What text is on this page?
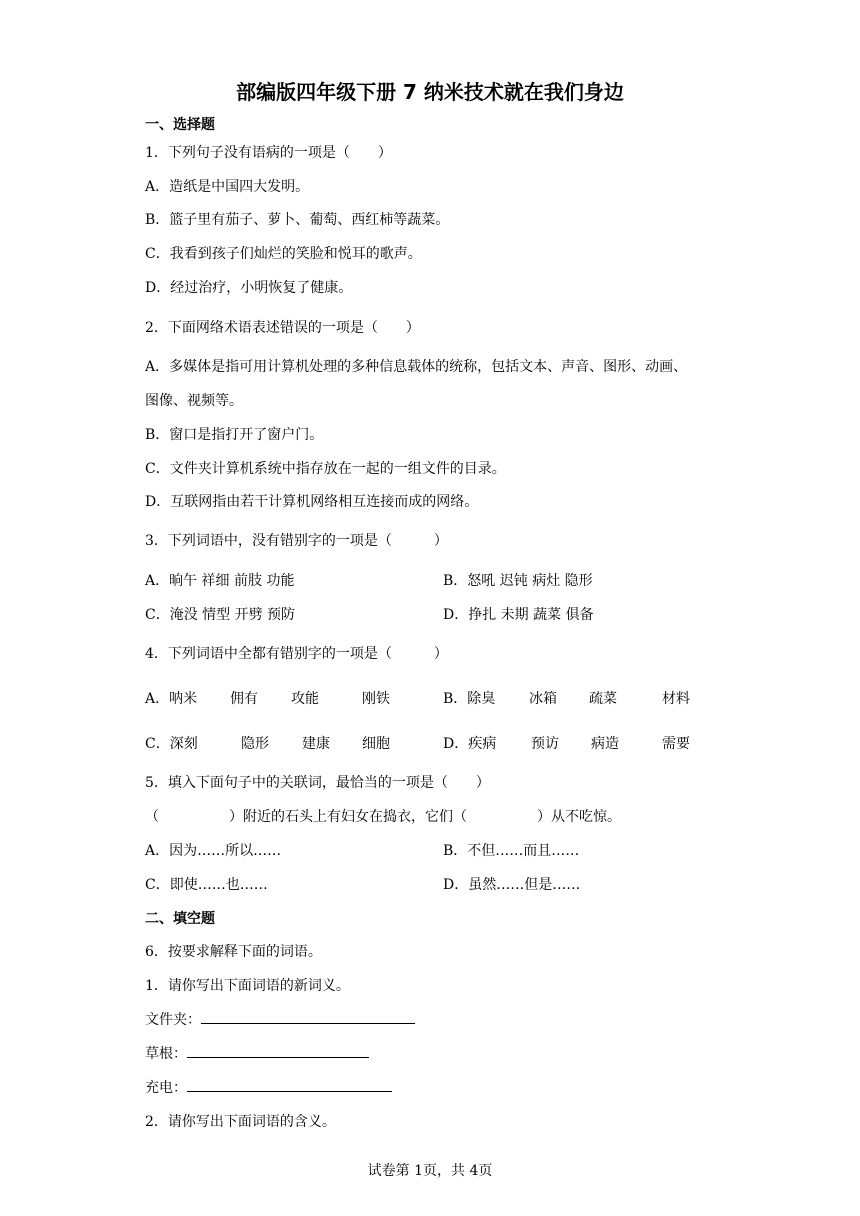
部编版四年级下册 7 纳米技术就在我们身边
一、选择题
1．下列句子没有语病的一项是（　　）
A．造纸是中国四大发明。
B．篮子里有茄子、萝卜、葡萄、西红柿等蔬菜。
C．我看到孩子们灿烂的笑脸和悦耳的歌声。
D．经过治疗，小明恢复了健康。
2．下面网络术语表述错误的一项是（　　）
A．多媒体是指可用计算机处理的多种信息载体的统称，包括文本、声音、图形、动画、
图像、视频等。
B．窗口是指打开了窗户门。
C．文件夹计算机系统中指存放在一起的一组文件的目录。
D．互联网指由若干计算机网络相互连接而成的网络。
3．下列词语中，没有错别字的一项是（　　　）
A．晌午 祥细 前肢 功能	B．怒吼 迟钝 病灶 隐形
C．淹没 情型 开劈 预防	D．挣扎 未期 蔬菜 俱备
4．下列词语中全都有错别字的一项是（　　　）
A．呐米 佣有 攻能	刚铁	B．除臭 冰箱 疏菜	材料
C．深刻	隐形 建康 细胞	D．疾病 预访 病造	需要
5．填入下面句子中的关联词，最恰当的一项是（　　）
（　　　　　）附近的石头上有妇女在捣衣，它们（　　　　　）从不吃惊。
A．因为……所以……	B．不但……而且……
C．即使……也……	D．虽然……但是……
二、填空题
6．按要求解释下面的词语。
1．请你写出下面词语的新词义。
文件夹：
草根：
充电：
2．请你写出下面词语的含义。
试卷第 1页，共 4页
